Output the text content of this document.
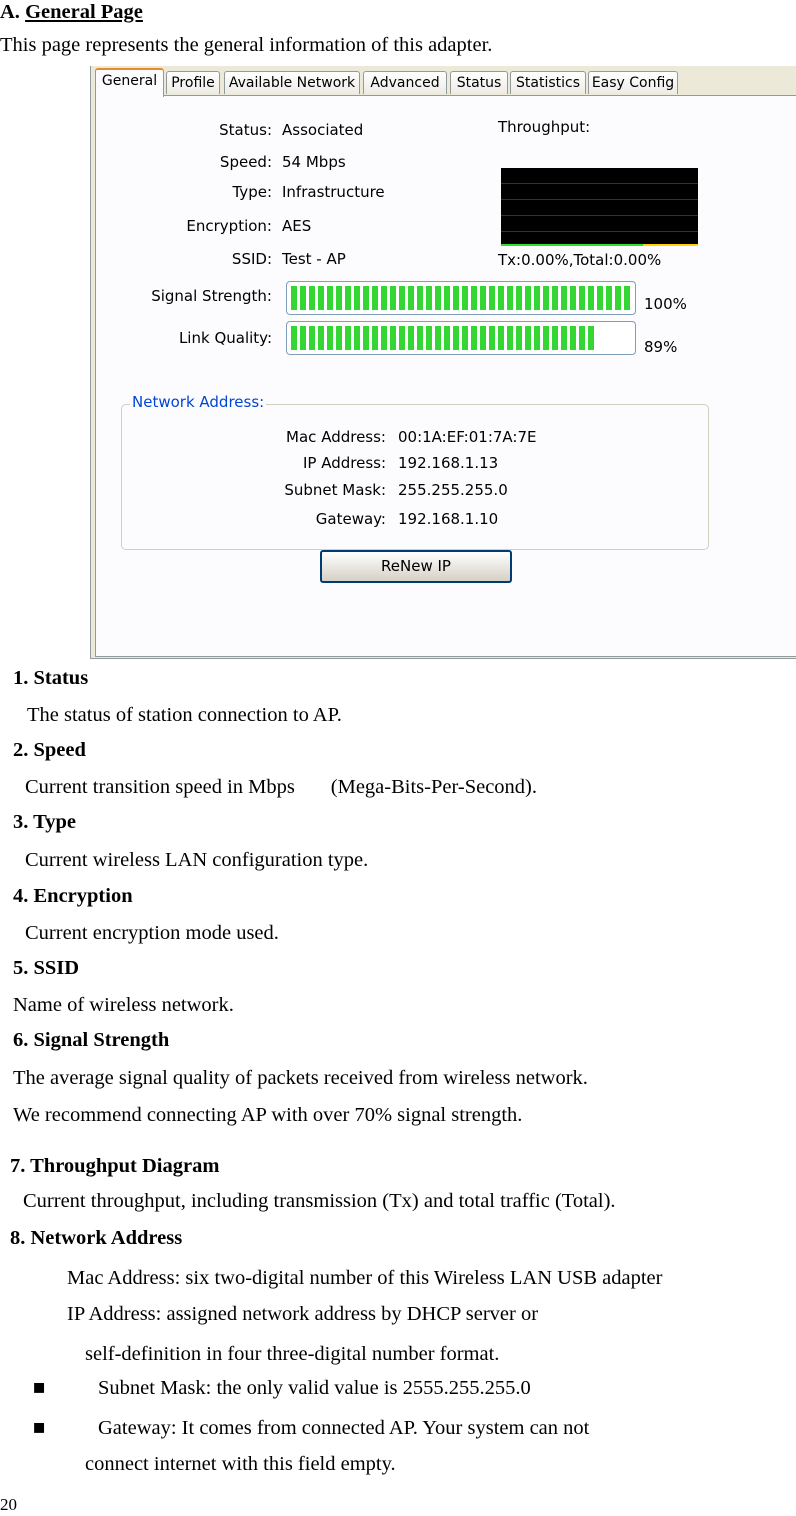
A. General Page
This page represents the general information of this adapter.
General	Profile	Available Network	Advanced	Status	Statistics Easy Config
Status: Associated
Speed: 54 Mbps
Type: Infrastructure
Encryption: AES
SSID: Test - AP
Signal Strength:	100%
Link Quality:	89%
Throughput:
Tx:0.00%,Total:0.00%
Network Address:
Mac Address: 00:1A:EF:01:7A:7E
IP Address: 192.168.1.13
Subnet Mask: 255.255.255.0
Gateway: 192.168.1.10
ReNew IP
1. Status
The status of station connection to AP.
2. Speed
Current transition speed in Mbps       (Mega-Bits-Per-Second).
3. Type
Current wireless LAN configuration type.
4. Encryption
Current encryption mode used.
5. SSID
Name of wireless network.
6. Signal Strength
The average signal quality of packets received from wireless network.
We recommend connecting AP with over 70% signal strength.
7. Throughput Diagram
Current throughput, including transmission (Tx) and total traffic (Total).
8. Network Address
Mac Address: six two-digital number of this Wireless LAN USB adapter
IP Address: assigned network address by DHCP server or
self-definition in four three-digital number format.
■	Subnet Mask: the only valid value is 2555.255.255.0
■	Gateway: It comes from connected AP. Your system can not
connect internet with this field empty.
20
